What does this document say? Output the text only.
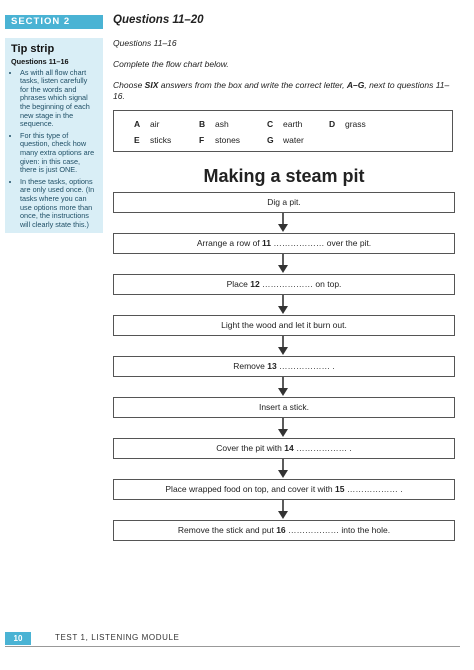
SECTION 2
Tip strip
Questions 11–16
• As with all flow chart tasks, listen carefully for the words and phrases which signal the beginning of each new stage in the sequence.
• For this type of question, check how many extra options are given: in this case, there is just ONE.
• In these tasks, options are only used once. (In tasks where you can use options more than once, the instructions will clearly state this.)
Questions 11–20
Questions 11–16
Complete the flow chart below.
Choose SIX answers from the box and write the correct letter, A–G, next to questions 11–16.
A air	B ash	C earth	D grass
E sticks	F stones	G water
Making a steam pit
Dig a pit.
Arrange a row of 11 ……………… over the pit.
Place 12 ……………… on top.
Light the wood and let it burn out.
Remove 13 ……………… .
Insert a stick.
Cover the pit with 14 ……………… .
Place wrapped food on top, and cover it with 15 ……………… .
Remove the stick and put 16 ……………… into the hole.
10	TEST 1, LISTENING MODULE
